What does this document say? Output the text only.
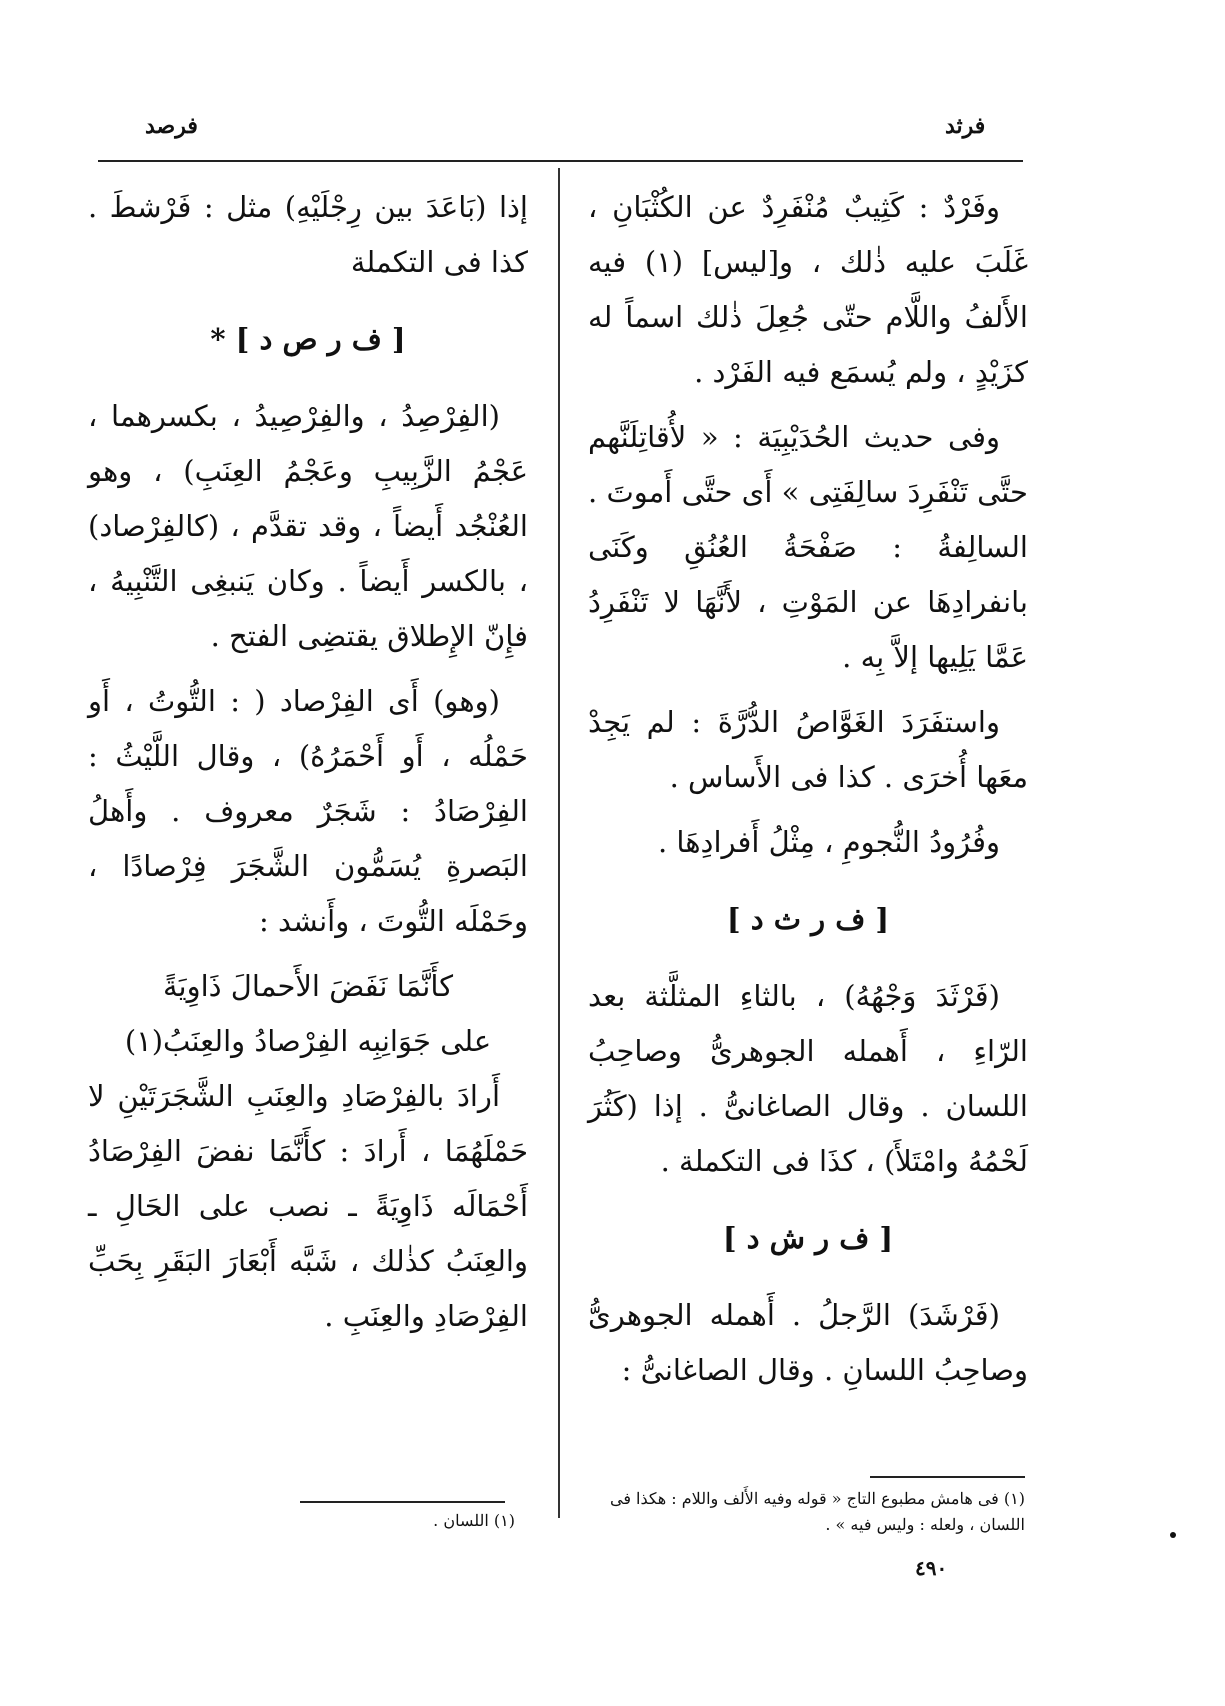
فرثد
فرصد

وفَرْدٌ : كَثِيبٌ مُنْفَرِدٌ عن الكُثْبَانِ ، غَلَبَ عليه ذٰلك ، و[ليس] (١) فيه الأَلفُ واللَّام حتّى جُعِلَ ذٰلك اسماً له كزَيْدٍ ، ولم يُسمَع فيه الفَرْد .

وفى حديث الحُدَيْبِيَة : « لأُقاتِلَنَّهم حتَّى تَنْفَرِدَ سالِفَتِى » أَى حتَّى أَموتَ . السالِفةُ : صَفْحَةُ العُنُقِ وكَنَى بانفرادِهَا عن المَوْتِ ، لأَنَّهَا لا تَنْفَرِدُ عَمَّا يَلِيها إلاَّ بِه .

واستفَرَدَ الغَوَّاصُ الدُّرَّةَ : لم يَجِدْ معَها أُخرَى . كذا فى الأَساس .

وفُرُودُ النُّجومِ ، مِثْلُ أَفرادِهَا .

[ ف ر ث د ]

(فَرْثَدَ وَجْهُهُ) ، بالثاءِ المثلَّثة بعد الرّاءِ ، أَهمله الجوهرىُّ وصاحِبُ اللسان . وقال الصاغانىُّ . إذا (كَثُرَ لَحْمُهُ وامْتَلأَ) ، كذَا فى التكملة .

[ ف ر ش د ]

(فَرْشَدَ) الرَّجلُ . أَهمله الجوهرىُّ وصاحِبُ اللسانِ . وقال الصاغانىُّ :

إذا (بَاعَدَ بين رِجْلَيْهِ) مثل : فَرْشطَ . كذا فى التكملة

[ ف ر ص د ] *

(الفِرْصِدُ ، والفِرْصِيدُ ، بكسرهما ، عَجْمُ الزَّبِيبِ وعَجْمُ العِنَبِ) ، وهو العُنْجُد أَيضاً ، وقد تقدَّم ، (كالفِرْصاد) ، بالكسر أَيضاً . وكان يَنبغِى التَّنْبِيهُ ، فإِنّ الإِطلاق يقتضِى الفتح .

(وهو) أَى الفِرْصاد ( : التُّوتُ ، أَو حَمْلُه ، أَو أَحْمَرُهُ) ، وقال اللَّيْثُ : الفِرْصَادُ : شَجَرٌ معروف . وأَهلُ البَصرةِ يُسَمُّون الشَّجَرَ فِرْصادًا ، وحَمْلَه التُّوتَ ، وأَنشد :

كأَنَّمَا نَفَضَ الأَحمالَ ذَاوِيَةً

على جَوَانِبِه الفِرْصادُ والعِنَبُ(١)

أَرادَ بالفِرْصَادِ والعِنَبِ الشَّجَرَتَيْنِ لا حَمْلَهُمَا ، أَرادَ : كأَنَّمَا نفضَ الفِرْصَادُ أَحْمَالَه ذَاوِيَةً ـ نصب على الحَالِ ـ والعِنَبُ كذٰلك ، شَبَّه أَبْعَارَ البَقَرِ بِحَبِّ الفِرْصَادِ والعِنَبِ .

(١) فى هامش مطبوع التاج « قوله وفيه الأَلف واللام : هكذا فى اللسان ، ولعله : وليس فيه » .
(١) اللسان .
٤٩٠
